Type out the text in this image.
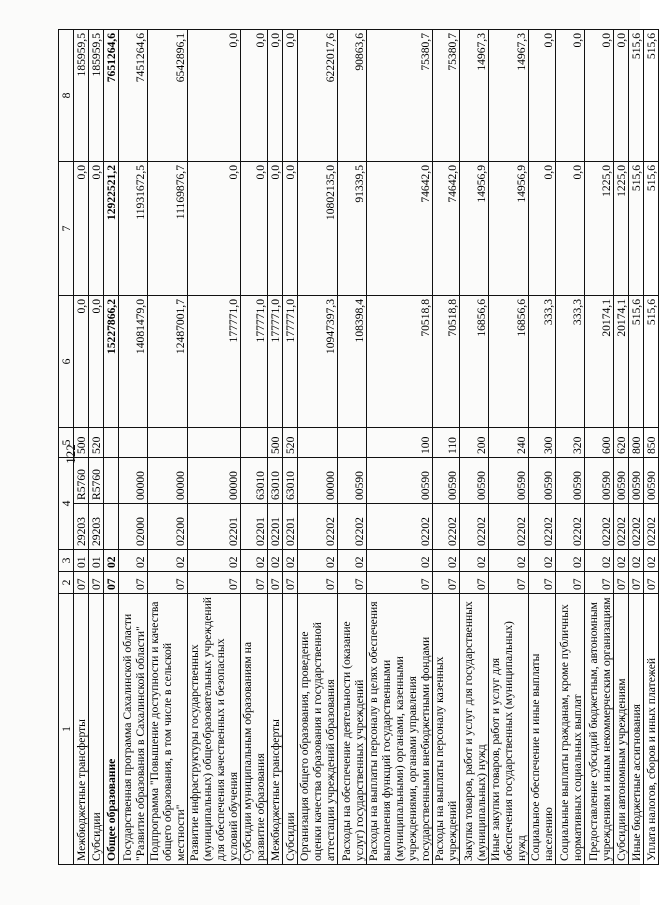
122
1	2	3	4		5	6	7	8
Межбюджетные трансферты	07	01	29203	R5760	500	0,0	0,0	185959,5
Субсидии	07	01	29203	R5760	520	0,0	0,0	185959,5
Общее образование	07	02				15227866,2	12922521,2	7651264,6
Государственная программа Сахалинской области "Развитие образования в Сахалинской области"	07	02	02000	00000		14081479,0	11931672,5	7451264,6
Подпрограмма "Повышение доступности и качества общего образования, в том числе в сельской местности"	07	02	02200	00000		12487001,7	11169876,7	6542896,1
Развитие инфраструктуры государственных (муниципальных) общеобразовательных учреждений для обеспечения качественных и безопасных условий обучения	07	02	02201	00000		177771,0	0,0	0,0
Субсидии муниципальным образованиям на развитие образования	07	02	02201	63010		177771,0	0,0	0,0
Межбюджетные трансферты	07	02	02201	63010	500	177771,0	0,0	0,0
Субсидии	07	02	02201	63010	520	177771,0	0,0	0,0
Организация общего образования, проведение оценки качества образования и государственной аттестации учреждений образования	07	02	02202	00000		10947397,3	10802135,0	6222017,6
Расходы на обеспечение деятельности (оказание услуг) государственных учреждений	07	02	02202	00590		108398,4	91339,5	90863,6
Расходы на выплаты персоналу в целях обеспечения выполнения функций государственными (муниципальными) органами, казенными учреждениями, органами управления государственными внебюджетными фондами	07	02	02202	00590	100	70518,8	74642,0	75380,7
Расходы на выплаты персоналу казенных учреждений	07	02	02202	00590	110	70518,8	74642,0	75380,7
Закупка товаров, работ и услуг для государственных (муниципальных) нужд	07	02	02202	00590	200	16856,6	14956,9	14967,3
Иные закупки товаров, работ и услуг для обеспечения государственных (муниципальных) нужд	07	02	02202	00590	240	16856,6	14956,9	14967,3
Социальное обеспечение и иные выплаты населению	07	02	02202	00590	300	333,3	0,0	0,0
Социальные выплаты гражданам, кроме публичных нормативных социальных выплат	07	02	02202	00590	320	333,3	0,0	0,0
Предоставление субсидий бюджетным, автономным учреждениям и иным некоммерческим организациям	07	02	02202	00590	600	20174,1	1225,0	0,0
Субсидии автономным учреждениям	07	02	02202	00590	620	20174,1	1225,0	0,0
Иные бюджетные ассигнования	07	02	02202	00590	800	515,6	515,6	515,6
Уплата налогов, сборов и иных платежей	07	02	02202	00590	850	515,6	515,6	515,6
